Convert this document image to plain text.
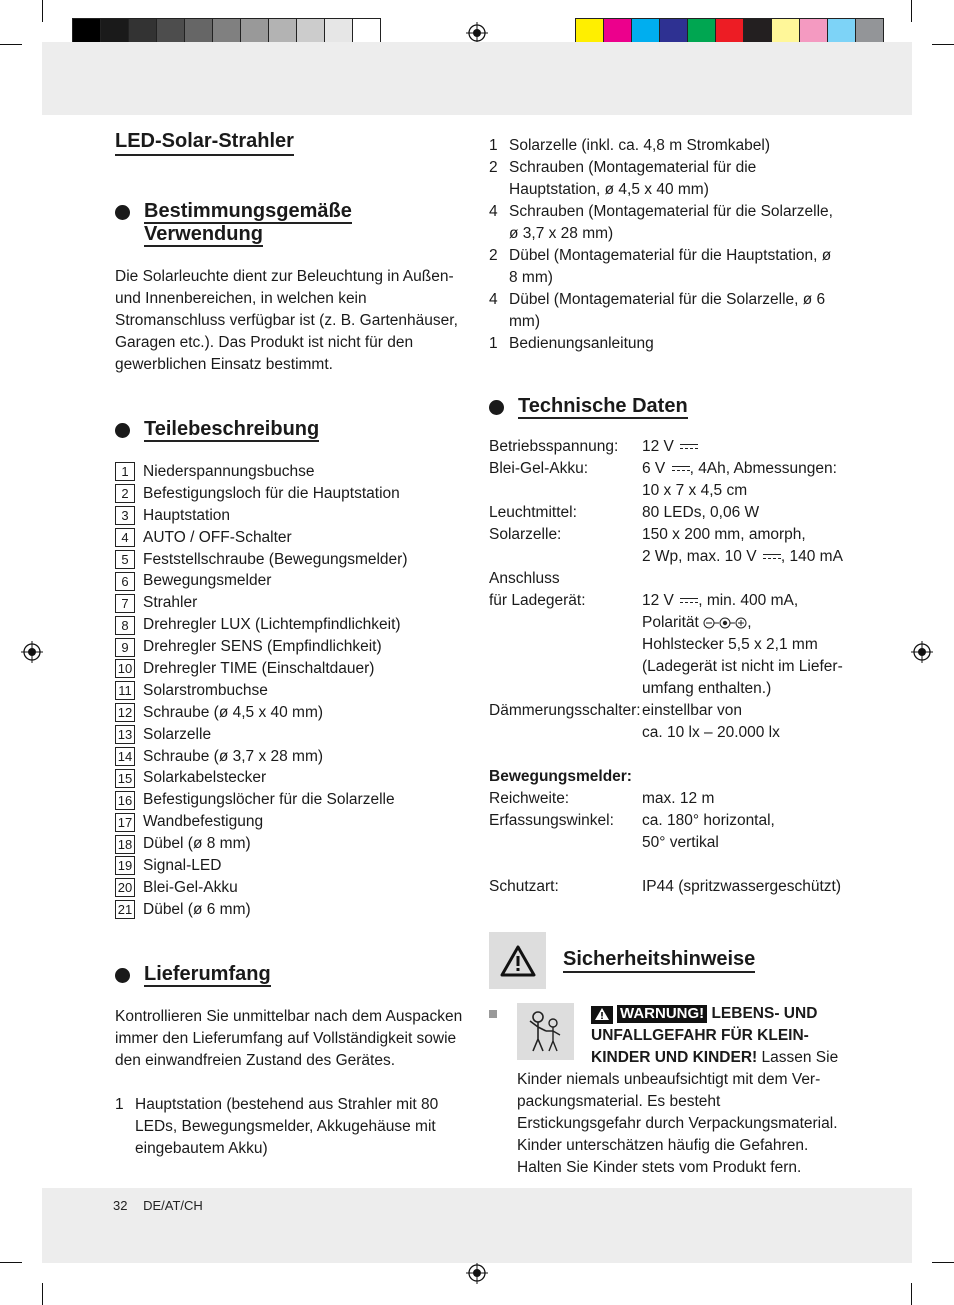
LED-Solar-Strahler
Bestimmungsgemäße
Verwendung

Die Solarleuchte dient zur Beleuchtung in Außen- und Innenbereichen, in welchen kein Stromanschluss verfügbar ist (z. B. Gartenhäuser, Garagen etc.). Das Produkt ist nicht für den gewerblichen Einsatz bestimmt.

Teilebeschreibung
1 Niederspannungsbuchse
2 Befestigungsloch für die Hauptstation
3 Hauptstation
4 AUTO / OFF-Schalter
5 Feststellschraube (Bewegungsmelder)
6 Bewegungsmelder
7 Strahler
8 Drehregler LUX (Lichtempfindlichkeit)
9 Drehregler SENS (Empfindlichkeit)
10 Drehregler TIME (Einschaltdauer)
11 Solarstrombuchse
12 Schraube (ø 4,5 x 40 mm)
13 Solarzelle
14 Schraube (ø 3,7 x 28 mm)
15 Solarkabelstecker
16 Befestigungslöcher für die Solarzelle
17 Wandbefestigung
18 Dübel (ø 8 mm)
19 Signal-LED
20 Blei-Gel-Akku
21 Dübel (ø 6 mm)
Lieferumfang

Kontrollieren Sie unmittelbar nach dem Auspacken immer den Lieferumfang auf Vollständigkeit sowie den einwandfreien Zustand des Gerätes.

1 Hauptstation (bestehend aus Strahler mit 80 LEDs, Bewegungsmelder, Akkugehäuse mit eingebautem Akku)
1 Solarzelle (inkl. ca. 4,8 m Stromkabel)
2 Schrauben (Montagematerial für die Hauptstation, ø 4,5 x 40 mm)
4 Schrauben (Montagematerial für die Solarzelle, ø 3,7 x 28 mm)
2 Dübel (Montagematerial für die Hauptstation, ø 8 mm)
4 Dübel (Montagematerial für die Solarzelle, ø 6 mm)
1 Bedienungsanleitung
Technische Daten
Betriebsspannung:	12 V
Blei-Gel-Akku:	6 V , 4Ah, Abmessungen:
10 x 7 x 4,5 cm
Leuchtmittel:	80 LEDs, 0,06 W
Solarzelle:	150 x 200 mm, amorph,
2 Wp, max. 10 V , 140 mA
Anschluss
für Ladegerät:	12 V , min. 400 mA,
Polarität ,
Hohlstecker 5,5 x 2,1 mm
(Ladegerät ist nicht im Liefer-
umfang enthalten.)
Dämmerungsschalter:	einstellbar von
ca. 10 lx – 20.000 lx
Bewegungsmelder:
Reichweite:	max. 12 m
Erfassungswinkel:	ca. 180° horizontal,
50° vertikal

Schutzart:	IP44 (spritzwassergeschützt)
Sicherheitshinweise
WARNUNG! LEBENS- UND UNFALLGEFAHR FÜR KLEIN-KINDER UND KINDER! Lassen Sie Kinder niemals unbeaufsichtigt mit dem Ver-packungsmaterial. Es besteht Erstickungsgefahr durch Verpackungsmaterial. Kinder unterschätzen häufig die Gefahren. Halten Sie Kinder stets vom Produkt fern.
32 DE/AT/CH
